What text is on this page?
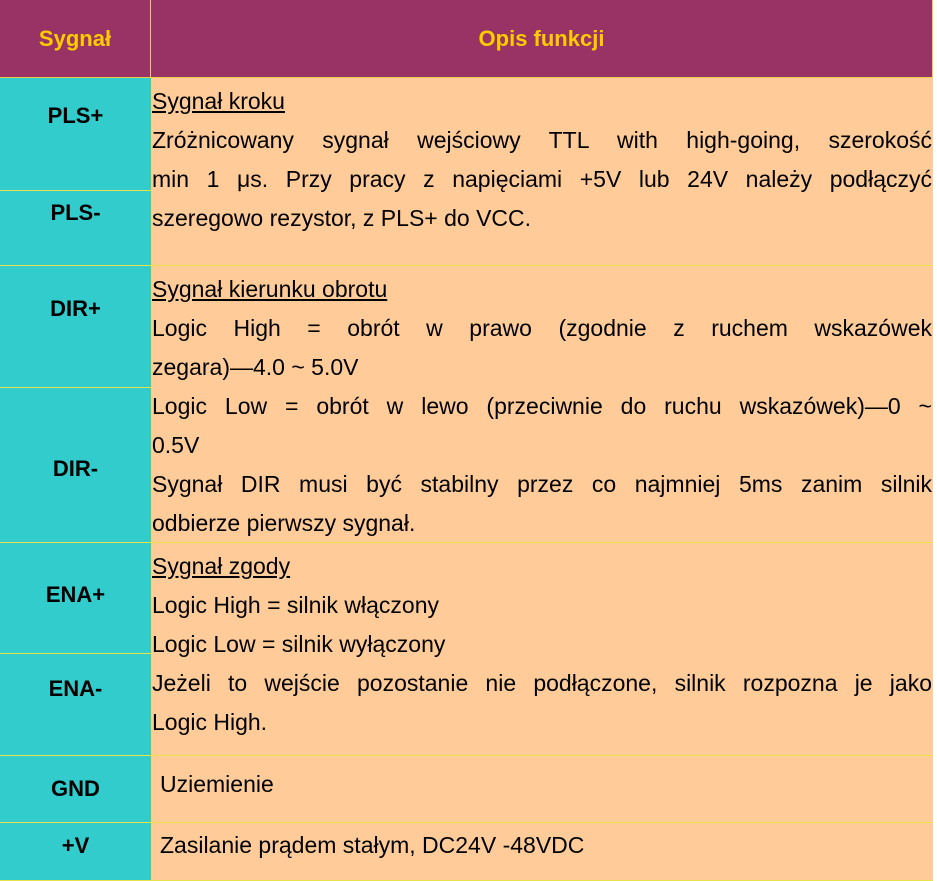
Sygnał	Opis funkcji
PLS+
PLS-
DIR+
DIR-
ENA+
ENA-
GND
+V
Sygnał kroku
Zróżnicowany sygnał wejściowy TTL with high-going, szerokość
min 1 μs. Przy pracy z napięciami +5V lub 24V należy podłączyć
szeregowo rezystor, z PLS+ do VCC.
Sygnał kierunku obrotu
Logic High = obrót w prawo (zgodnie z ruchem wskazówek
zegara)—4.0 ~ 5.0V
Logic Low = obrót w lewo (przeciwnie do ruchu wskazówek)—0 ~
0.5V
Sygnał DIR musi być stabilny przez co najmniej 5ms zanim silnik
odbierze pierwszy sygnał.
Sygnał zgody
Logic High = silnik włączony
Logic Low = silnik wyłączony
Jeżeli to wejście pozostanie nie podłączone, silnik rozpozna je jako
Logic High.
Uziemienie
Zasilanie prądem stałym, DC24V -48VDC
